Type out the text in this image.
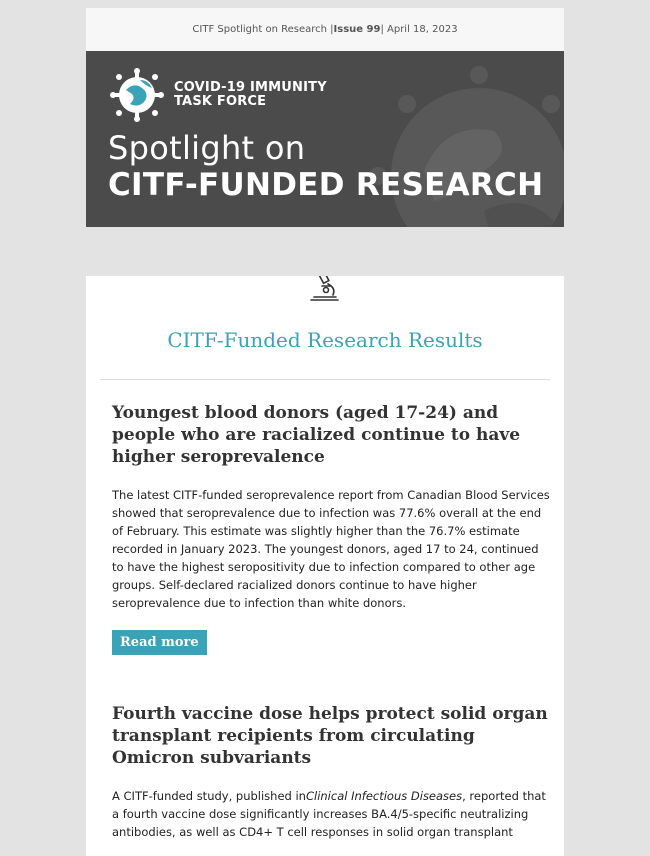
CITF Spotlight on Research | Issue 99 | April 18, 2023
COVID-19 IMMUNITY
TASK FORCE
Spotlight on
CITF-FUNDED RESEARCH
CITF-Funded Research Results
Youngest blood donors (aged 17-24) and people who are racialized continue to have higher seroprevalence

The latest CITF-funded seroprevalence report from Canadian Blood Services showed that seroprevalence due to infection was 77.6% overall at the end of February. This estimate was slightly higher than the 76.7% estimate recorded in January 2023. The youngest donors, aged 17 to 24, continued to have the highest seropositivity due to infection compared to other age groups. Self-declared racialized donors continue to have higher seroprevalence due to infection than white donors.

Read more
Fourth vaccine dose helps protect solid organ transplant recipients from circulating Omicron subvariants

A CITF-funded study, published inClinical Infectious Diseases, reported that a fourth vaccine dose significantly increases BA.4/5-specific neutralizing antibodies, as well as CD4+ T cell responses in solid organ transplant
